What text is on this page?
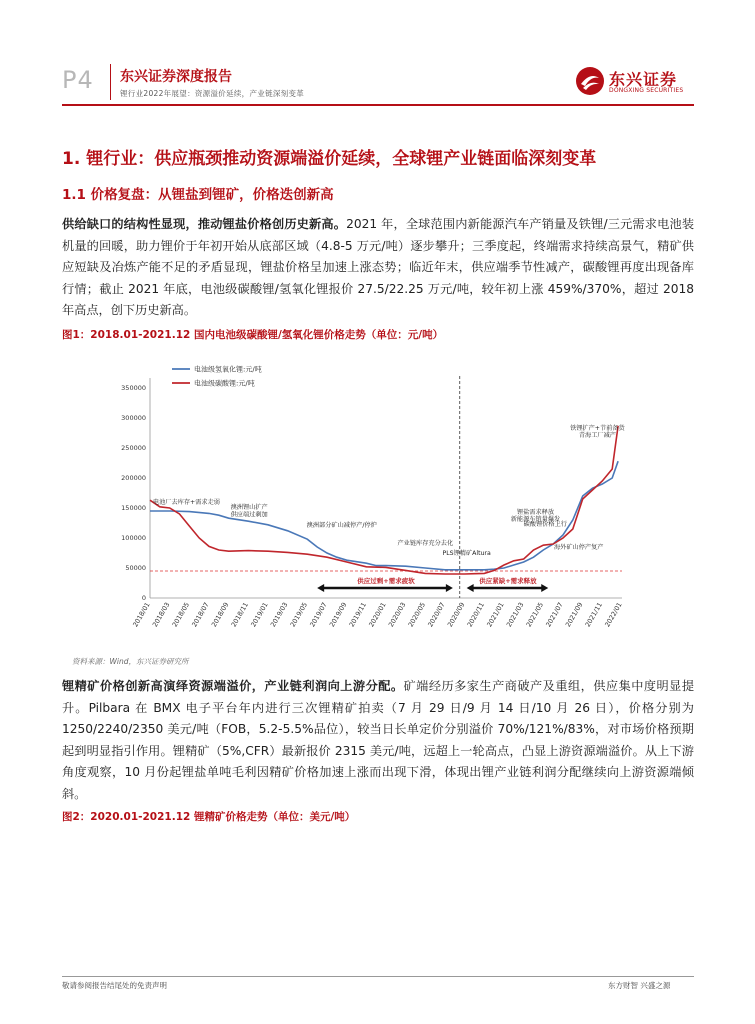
P4 东兴证券深度报告
锂行业2022年展望：资源溢价延续，产业链深刻变革
东兴证券
DONGXING SECURITIES
1. 锂行业：供应瓶颈推动资源端溢价延续，全球锂产业链面临深刻变革
1.1 价格复盘：从锂盐到锂矿，价格迭创新高
供给缺口的结构性显现，推动锂盐价格创历史新高。2021 年，全球范围内新能源汽车产销量及铁锂/三元需求电池装机量的回暖，助力锂价于年初开始从底部区域（4.8-5 万元/吨）逐步攀升；三季度起，终端需求持续高景气，精矿供应短缺及冶炼产能不足的矛盾显现，锂盐价格呈加速上涨态势；临近年末，供应端季节性减产，碳酸锂再度出现备库行情；截止 2021 年底，电池级碳酸锂/氢氧化锂报价 27.5/22.25 万元/吨，较年初上涨 459%/370%，超过 2018 年高点，创下历史新高。
图1：2018.01-2021.12 国内电池级碳酸锂/氢氧化锂价格走势（单位：元/吨）
0
50000
100000
150000
200000
250000
300000
350000
2018/01 2018/03 2018/05 2018/07 2018/09 2018/11 2019/01 2019/03 2019/05 2019/07 2019/09 2019/11 2020/01 2020/03 2020/05 2020/07 2020/09 2020/11 2021/01 2021/03 2021/05 2021/07 2021/09 2021/11 2022/01
电池级氢氧化锂:元/吨
电池级碳酸锂:元/吨
供应过剩+需求疲软	供应紧缺+需求释放
电池厂去库存+需求走弱
澳洲锂山扩产
供应端过剩加
澳洲部分矿山减停产/停炉
产业链库存充分去化
PLS锂精矿Altura
锂盐需求释放
新能源车销量爆发
碳酸锂价格上行
海外矿山停产复产
铁锂扩产+节前备货
青海工厂减产
资料来源：Wind，东兴证券研究所
锂精矿价格创新高演绎资源端溢价，产业链利润向上游分配。矿端经历多家生产商破产及重组，供应集中度明显提升。Pilbara 在 BMX 电子平台年内进行三次锂精矿拍卖（7 月 29 日/9 月 14 日/10 月 26 日），价格分别为 1250/2240/2350 美元/吨（FOB，5.2-5.5%品位），较当日长单定价分别溢价 70%/121%/83%，对市场价格预期起到明显指引作用。锂精矿（5%,CFR）最新报价 2315 美元/吨，远超上一轮高点，凸显上游资源端溢价。从上下游角度观察，10 月份起锂盐单吨毛利因精矿价格加速上涨而出现下滑，体现出锂产业链利润分配继续向上游资源端倾斜。
图2：2020.01-2021.12 锂精矿价格走势（单位：美元/吨）
敬请参阅报告结尾处的免责声明	东方财智 兴盛之源
